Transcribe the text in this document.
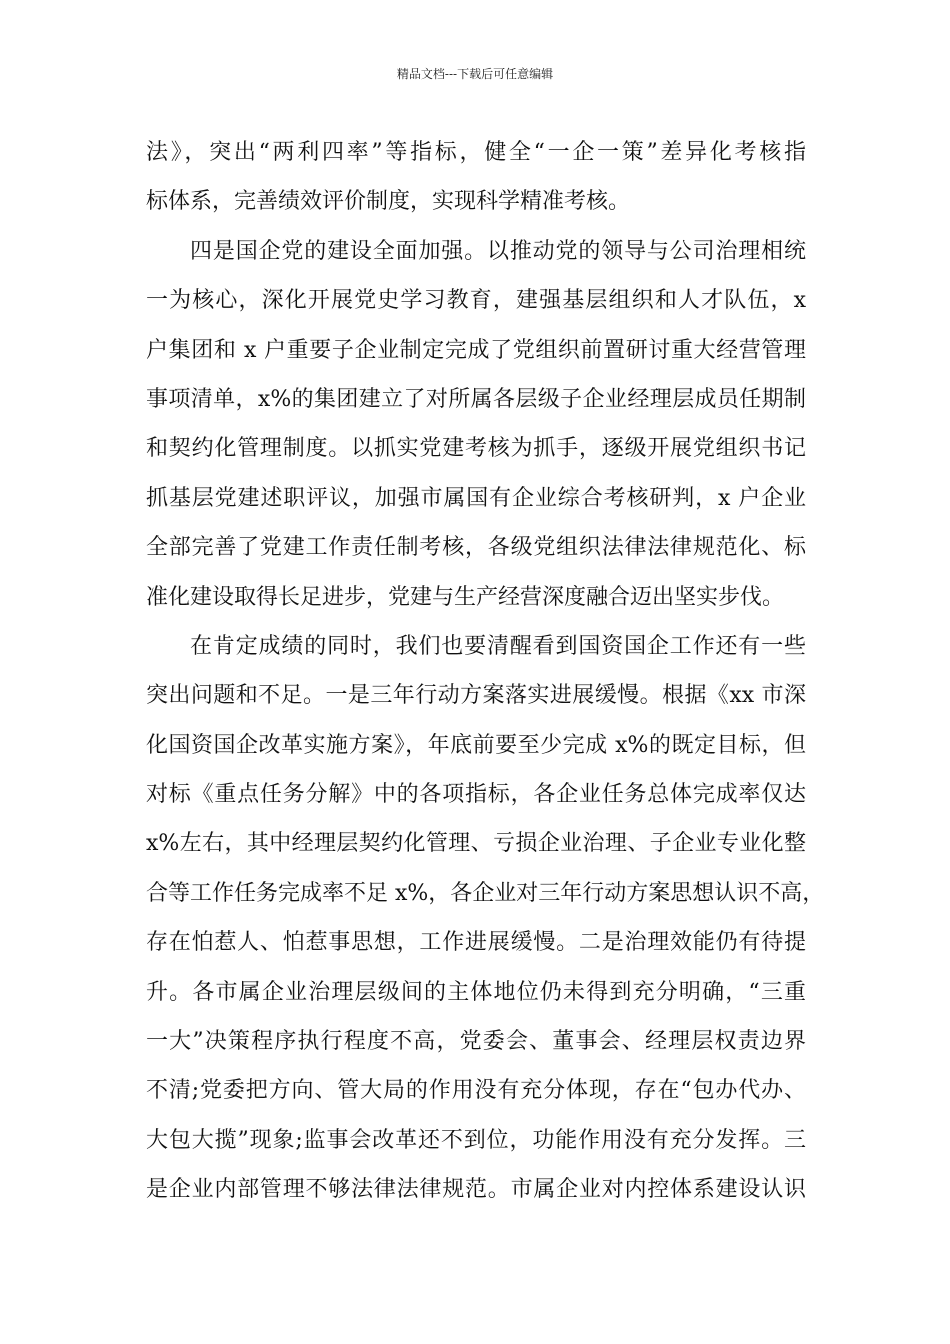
精品文档---下载后可任意编辑
法》，突出“两利四率”等指标，健全“一企一策”差异化考核指
标体系，完善绩效评价制度，实现科学精准考核。
四是国企党的建设全面加强。以推动党的领导与公司治理相统
一为核心，深化开展党史学习教育，建强基层组织和人才队伍，x
户集团和 x 户重要子企业制定完成了党组织前置研讨重大经营管理
事项清单，x%的集团建立了对所属各层级子企业经理层成员任期制
和契约化管理制度。以抓实党建考核为抓手，逐级开展党组织书记
抓基层党建述职评议，加强市属国有企业综合考核研判，x 户企业
全部完善了党建工作责任制考核，各级党组织法律法律规范化、标
准化建设取得长足进步，党建与生产经营深度融合迈出坚实步伐。
在肯定成绩的同时，我们也要清醒看到国资国企工作还有一些
突出问题和不足。一是三年行动方案落实进展缓慢。根据《xx 市深
化国资国企改革实施方案》，年底前要至少完成 x%的既定目标，但
对标《重点任务分解》中的各项指标，各企业任务总体完成率仅达
x%左右，其中经理层契约化管理、亏损企业治理、子企业专业化整
合等工作任务完成率不足 x%，各企业对三年行动方案思想认识不高，
存在怕惹人、怕惹事思想，工作进展缓慢。二是治理效能仍有待提
升。各市属企业治理层级间的主体地位仍未得到充分明确，“三重
一大”决策程序执行程度不高，党委会、董事会、经理层权责边界
不清;党委把方向、管大局的作用没有充分体现，存在“包办代办、
大包大揽”现象;监事会改革还不到位，功能作用没有充分发挥。三
是企业内部管理不够法律法律规范。市属企业对内控体系建设认识
